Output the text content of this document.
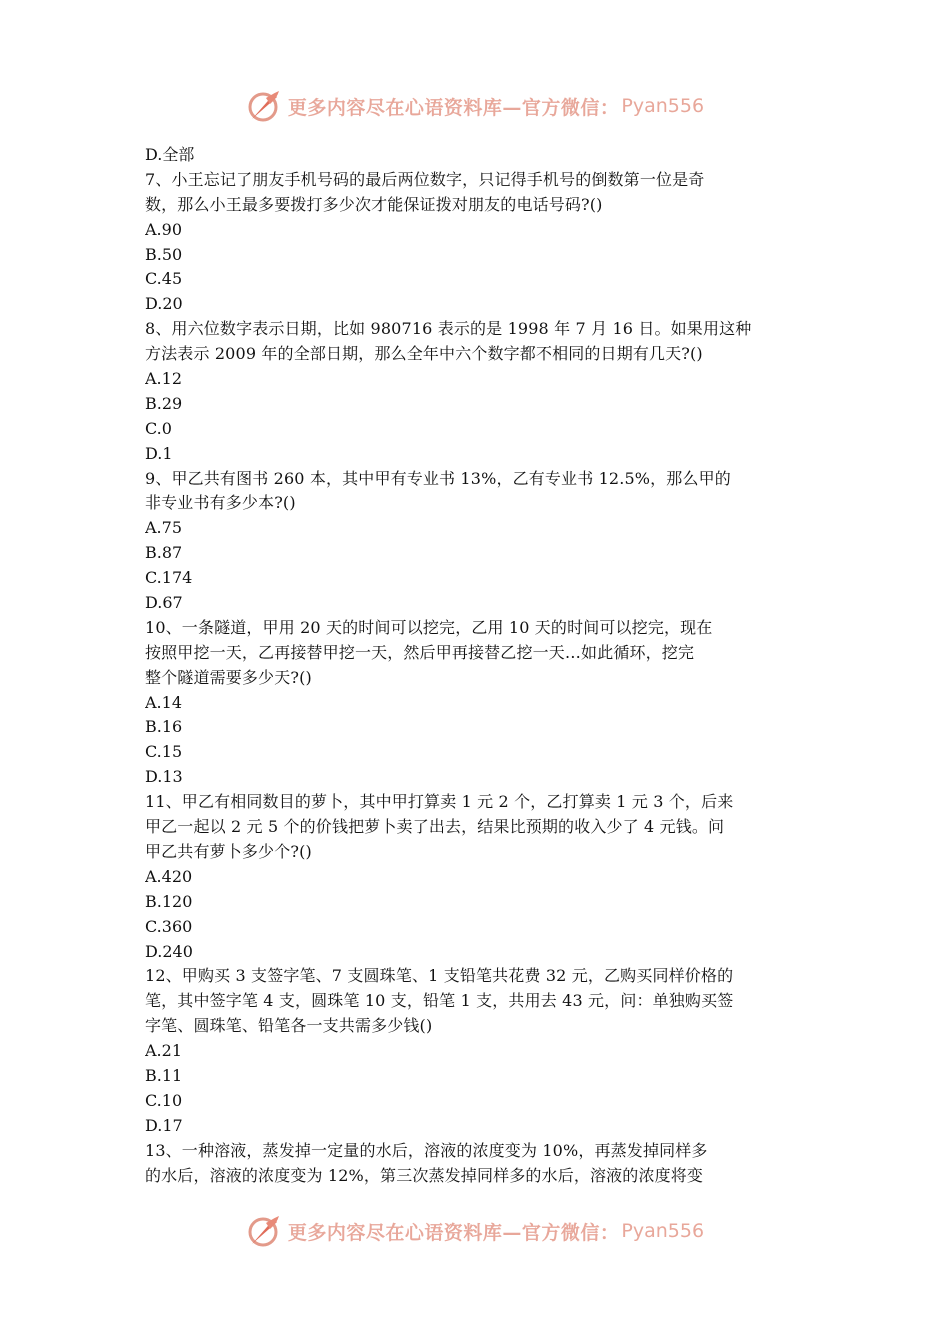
更多内容尽在心语资料库—官方微信： Pyan556
D.全部
7、小王忘记了朋友手机号码的最后两位数字，只记得手机号的倒数第一位是奇
数，那么小王最多要拨打多少次才能保证拨对朋友的电话号码?()
A.90
B.50
C.45
D.20
8、用六位数字表示日期，比如 980716 表示的是 1998 年 7 月 16 日。如果用这种
方法表示 2009 年的全部日期，那么全年中六个数字都不相同的日期有几天?()
A.12
B.29
C.0
D.1
9、甲乙共有图书 260 本，其中甲有专业书 13%，乙有专业书 12.5%，那么甲的
非专业书有多少本?()
A.75
B.87
C.174
D.67
10、一条隧道，甲用 20 天的时间可以挖完，乙用 10 天的时间可以挖完，现在
按照甲挖一天，乙再接替甲挖一天，然后甲再接替乙挖一天…如此循环，挖完
整个隧道需要多少天?()
A.14
B.16
C.15
D.13
11、甲乙有相同数目的萝卜，其中甲打算卖 1 元 2 个，乙打算卖 1 元 3 个，后来
甲乙一起以 2 元 5 个的价钱把萝卜卖了出去，结果比预期的收入少了 4 元钱。问
甲乙共有萝卜多少个?()
A.420
B.120
C.360
D.240
12、甲购买 3 支签字笔、7 支圆珠笔、1 支铅笔共花费 32 元，乙购买同样价格的
笔，其中签字笔 4 支，圆珠笔 10 支，铅笔 1 支，共用去 43 元，问：单独购买签
字笔、圆珠笔、铅笔各一支共需多少钱()
A.21
B.11
C.10
D.17
13、一种溶液，蒸发掉一定量的水后，溶液的浓度变为 10%，再蒸发掉同样多
的水后，溶液的浓度变为 12%，第三次蒸发掉同样多的水后，溶液的浓度将变
更多内容尽在心语资料库—官方微信： Pyan556
